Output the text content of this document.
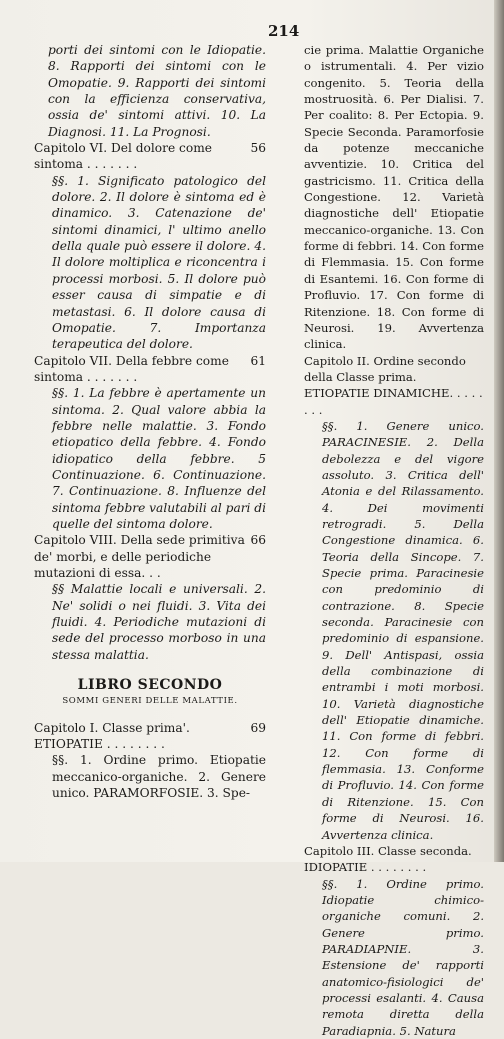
214

porti dei sintomi con le Idiopatie. 8. Rapporti dei sintomi con le Omopatie. 9. Rapporti dei sintomi con la efficienza conservativa, ossia de' sintomi attivi. 10. La Diagnosi. 11. La Prognosi.

Capitolo VI. Del dolore come sintoma . . . . . . .
56

§§. 1. Significato patologico del dolore. 2. Il dolore è sintoma ed è dinamico. 3. Catenazione de' sintomi dinamici, l' ultimo anello della quale può essere il dolore. 4. Il dolore moltiplica e riconcentra i processi morbosi. 5. Il dolore può esser causa di simpatie e di metastasi. 6. Il dolore causa di Omopatie. 7. Importanza terapeutica del dolore.

Capitolo VII. Della febbre come sintoma . . . . . . .
61

§§. 1. La febbre è apertamente un sintoma. 2. Qual valore abbia la febbre nelle malattie. 3. Fondo etiopatico della febbre. 4. Fondo idiopatico della febbre. 5 Continuazione. 6. Continuazione. 7. Continuazione. 8. Influenze del sintoma febbre valutabili al pari di quelle del sintoma dolore.

Capitolo VIII. Della sede primitiva de' morbi, e delle periodiche mutazioni di essa. . .
66

§§ Malattie locali e universali. 2. Ne' solidi o nei fluidi. 3. Vita dei fluidi. 4. Periodiche mutazioni di sede del processo morboso in una stessa malattia.

LIBRO SECONDO
SOMMI GENERI DELLE MALATTIE.
Capitolo I. Classe prima'. ETIOPATIE . . . . . . . .
69

§§. 1. Ordine primo. Etiopatie meccanico-organiche. 2. Genere unico. PARAMORFOSIE. 3. Spe-

cie prima. Malattie Organiche o istrumentali. 4. Per vizio congenito. 5. Teoria della mostruosità. 6. Per Dialisi. 7. Per coalito: 8. Per Ectopia. 9. Specie Seconda. Paramorfosie da potenze meccaniche avventizie. 10. Critica del gastricismo. 11. Critica della Congestione. 12. Varietà diagnostiche dell' Etiopatie meccanico-organiche. 13. Con forme di febbri. 14. Con forme di Flemmasia. 15. Con forme di Esantemi. 16. Con forme di Profluvio. 17. Con forme di Ritenzione. 18. Con forme di Neurosi. 19. Avvertenza clinica.

Capitolo II. Ordine secondo della Classe prima. ETIOPATIE DINAMICHE. . . . . . . .

§§. 1. Genere unico. PARACINESIE. 2. Della debolezza e del vigore assoluto. 3. Critica dell' Atonia e del Rilassamento. 4. Dei movimenti retrogradi. 5. Della Congestione dinamica. 6. Teoria della Sincope. 7. Specie prima. Paracinesie con predominio di contrazione. 8. Specie seconda. Paracinesie con predominio di espansione. 9. Dell' Antispasi, ossia della combinazione di entrambi i moti morbosi. 10. Varietà diagnostiche dell' Etiopatie dinamiche. 11. Con forme di febbri. 12. Con forme di flemmasia. 13. Conforme di Profluvio. 14. Con forme di Ritenzione. 15. Con forme di Neurosi. 16. Avvertenza clinica.

Capitolo III. Classe seconda. IDIOPATIE . . . . . . . .

§§. 1. Ordine primo. Idiopatie chimico-organiche comuni. 2. Genere primo. PARADIAPNIE. 3. Estensione de' rapporti anatomico-fisiologici de' processi esalanti. 4. Causa remota diretta della Paradiapnia. 5. Natura
